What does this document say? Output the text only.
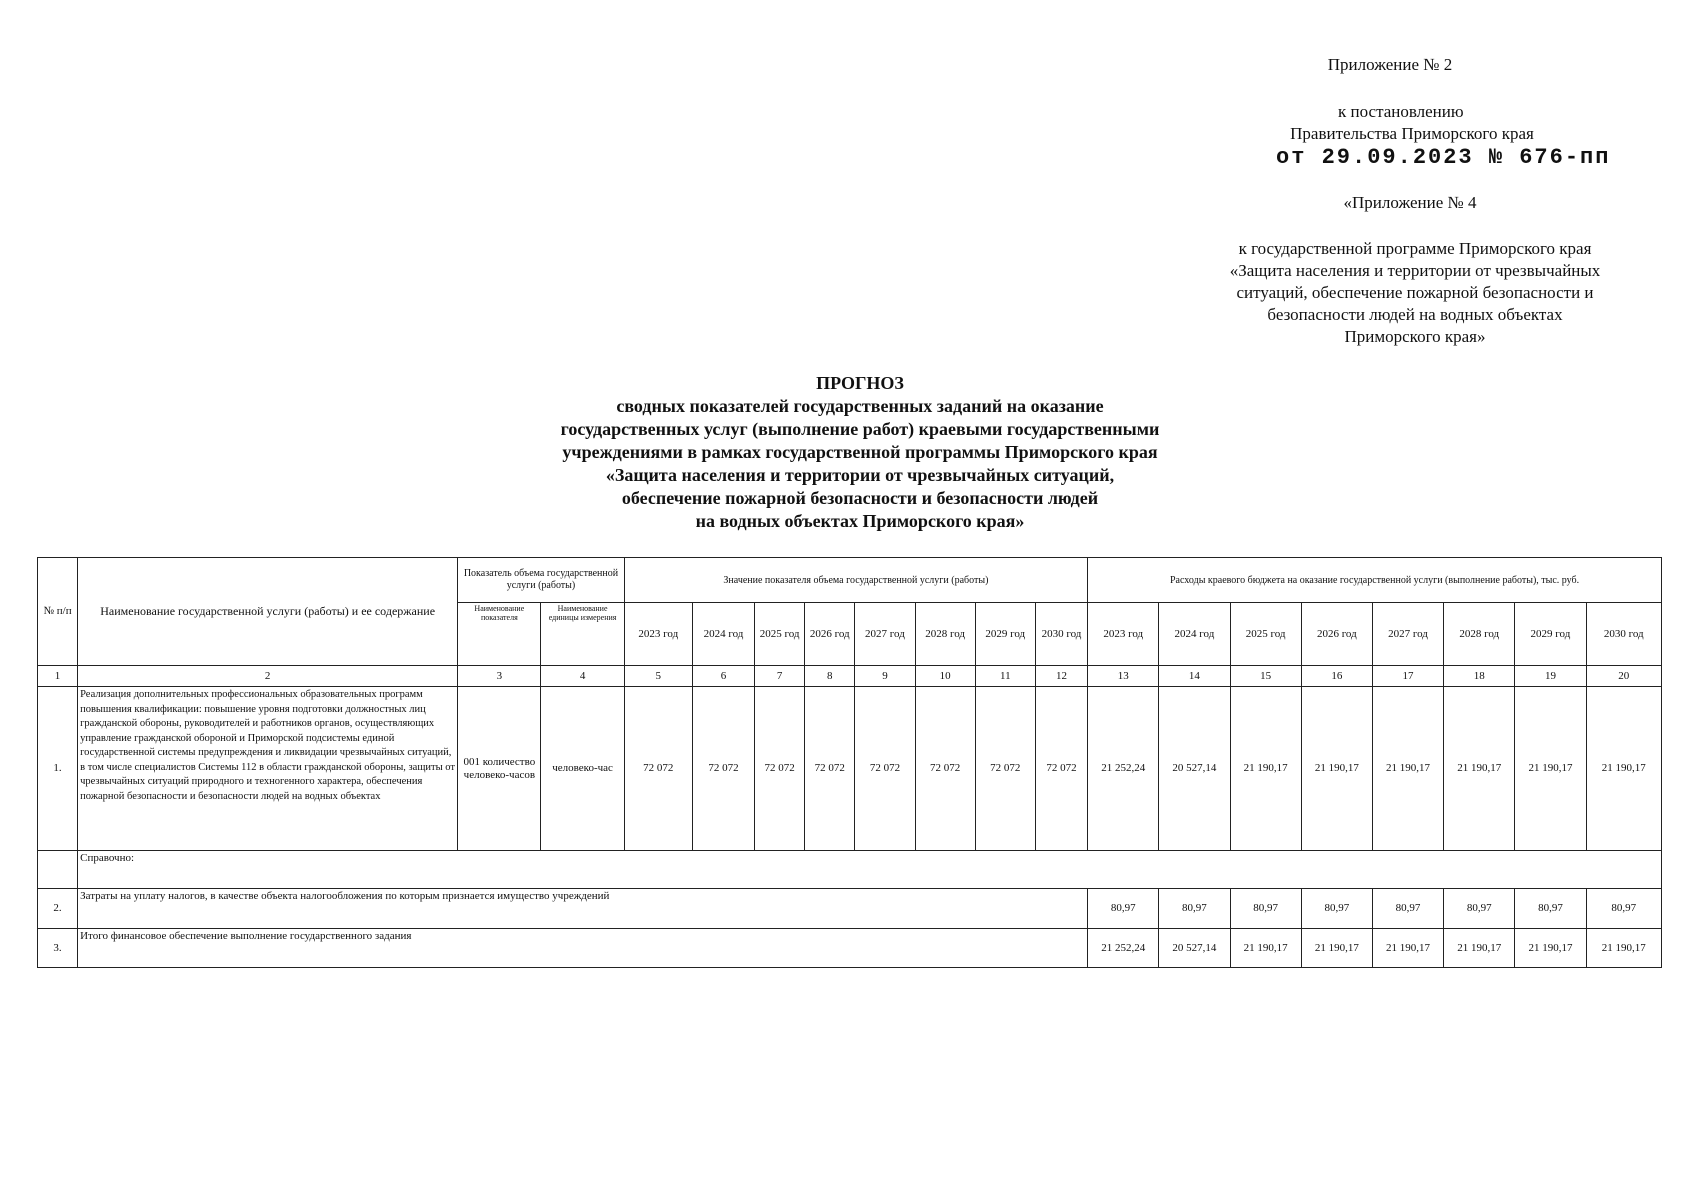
Приложение № 2
к постановлению
Правительства Приморского края
от 29.09.2023 № 676-пп
«Приложение № 4
к государственной программе Приморского края
«Защита населения и территории от чрезвычайных
ситуаций, обеспечение пожарной безопасности и
безопасности людей на водных объектах
Приморского края»
ПРОГНОЗ
сводных показателей государственных заданий на оказание
государственных услуг (выполнение работ) краевыми государственными
учреждениями в рамках государственной программы Приморского края
«Защита населения и территории от чрезвычайных ситуаций,
обеспечение пожарной безопасности и безопасности людей
на водных объектах Приморского края»
№ п/п	Наименование государственной услуги (работы) и ее содержание	Показатель объема государственной услуги (работы)		Значение показателя объема государственной услуги (работы)								Расходы краевого бюджета на оказание государственной услуги (выполнение работы), тыс. руб.							
		Наименование показателя	Наименование единицы измерения	2023 год	2024 год	2025 год	2026 год	2027 год	2028 год	2029 год	2030 год	2023 год	2024 год	2025 год	2026 год	2027 год	2028 год	2029 год	2030 год
1	2	3	4	5	6	7	8	9	10	11	12	13	14	15	16	17	18	19	20
1.	Реализация дополнительных профессиональных образовательных программ повышения квалификации: повышение уровня подготовки должностных лиц гражданской обороны, руководителей и работников органов, осуществляющих управление гражданской обороной и Приморской подсистемы единой государственной системы предупреждения и ликвидации чрезвычайных ситуаций, в том числе специалистов Системы 112 в области гражданской обороны, защиты от чрезвычайных ситуаций природного и техногенного характера, обеспечения пожарной безопасности и безопасности людей на водных объектах	001 количество человеко-часов	человеко-час	72 072	72 072	72 072	72 072	72 072	72 072	72 072	72 072	21 252,24	20 527,14	21 190,17	21 190,17	21 190,17	21 190,17	21 190,17	21 190,17
	Справочно:																		
2.	Затраты на уплату налогов, в качестве объекта налогообложения по которым признается имущество учреждений											80,97	80,97	80,97	80,97	80,97	80,97	80,97	80,97
3.	Итого финансовое обеспечение выполнение государственного задания											21 252,24	20 527,14	21 190,17	21 190,17	21 190,17	21 190,17	21 190,17	21 190,17
